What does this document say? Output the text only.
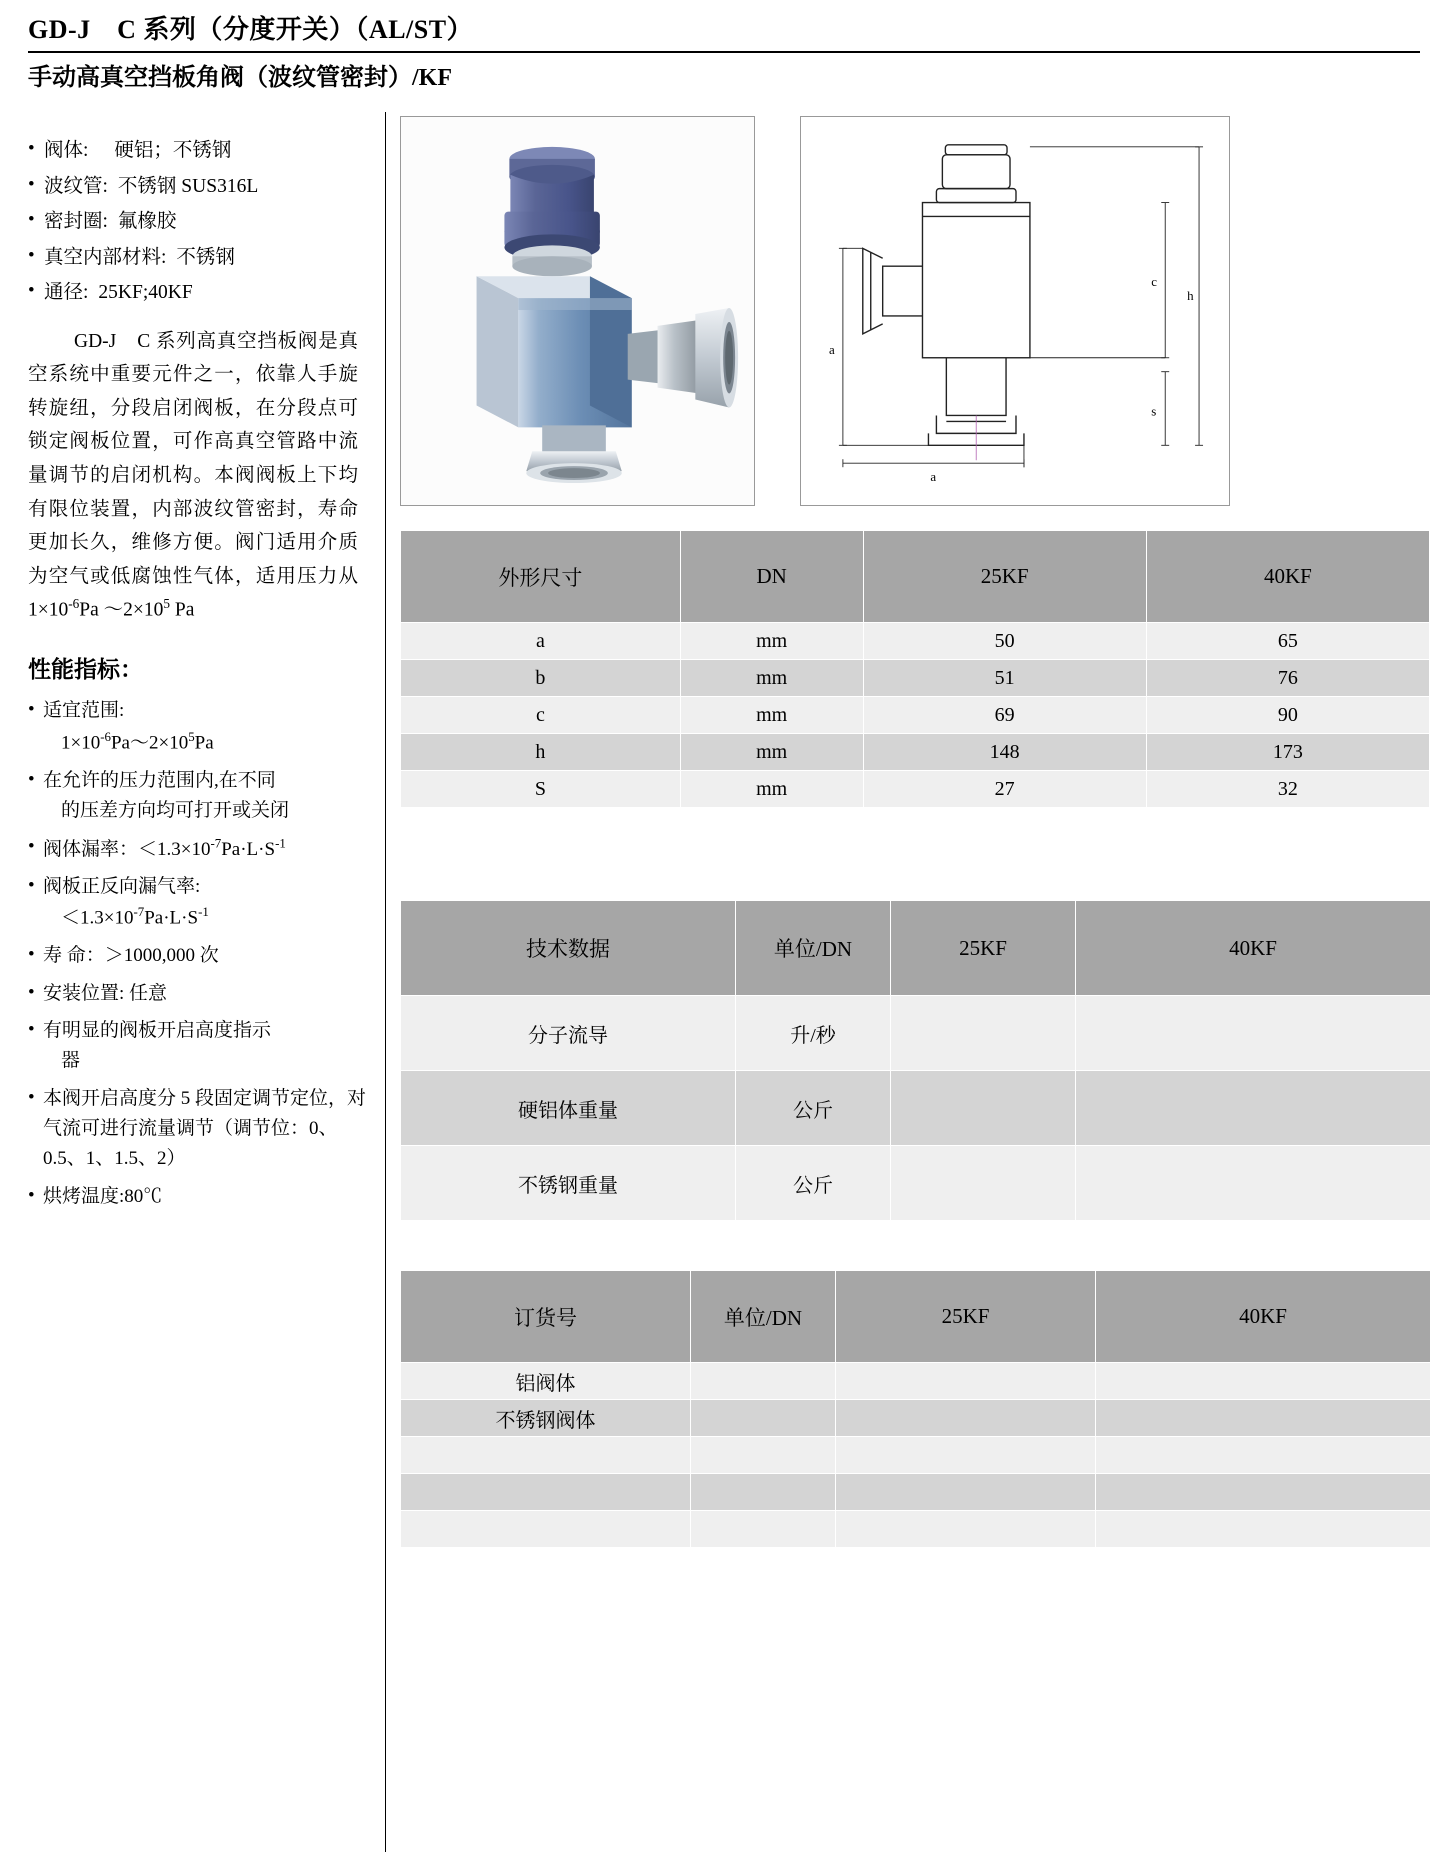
GD-J　C 系列（分度开关）（AL/ST）
手动高真空挡板角阀（波纹管密封）/KF
• 阀体: 硬铝；不锈钢
• 波纹管: 不锈钢 SUS316L
• 密封圈: 氟橡胶
• 真空内部材料: 不锈钢
• 通径: 25KF;40KF
GD-J　C 系列高真空挡板阀是真空系统中重要元件之一，依靠人手旋转旋纽，分段启闭阀板，在分段点可锁定阀板位置，可作高真空管路中流量调节的启闭机构。本阀阀板上下均有限位装置，内部波纹管密封，寿命更加长久，维修方便。阀门适用介质为空气或低腐蚀性气体，适用压力从 $1\times 10^{-6}Pa$ $\sim 2\times 10^5$ Pa
性能指标：
• 适宜范围:
$1\times 10^{-6}Pa\sim 2\times 10^5Pa$
• 在允许的压力范围内,在不同
的压差方向均可打开或关闭
• 阀体漏率：$<1.3\times 10^{-7}Pa\cdot L\cdot S^{-1}$
• 阀板正反向漏气率:
$<1.3\times 10^{-7}Pa\cdot L\cdot S^{-1}$
• 寿 命：＞1000,000 次
• 安装位置: 任意
• 有明显的阀板开启高度指示
器
• 本阀开启高度分 5 段固定调节定位，对气流可进行流量调节（调节位：0、0.5、1、1.5、2）
• 烘烤温度:80℃
h
c
s
a
a
外形尺寸	DN	25KF	40KF
a	mm	50	65
b	mm	51	76
c	mm	69	90
h	mm	148	173
S	mm	27	32
技术数据	单位/DN	25KF	40KF
分子流导	升/秒		
硬铝体重量	公斤		
不锈钢重量	公斤		
订货号	单位/DN	25KF	40KF
铝阀体			
不锈钢阀体			
